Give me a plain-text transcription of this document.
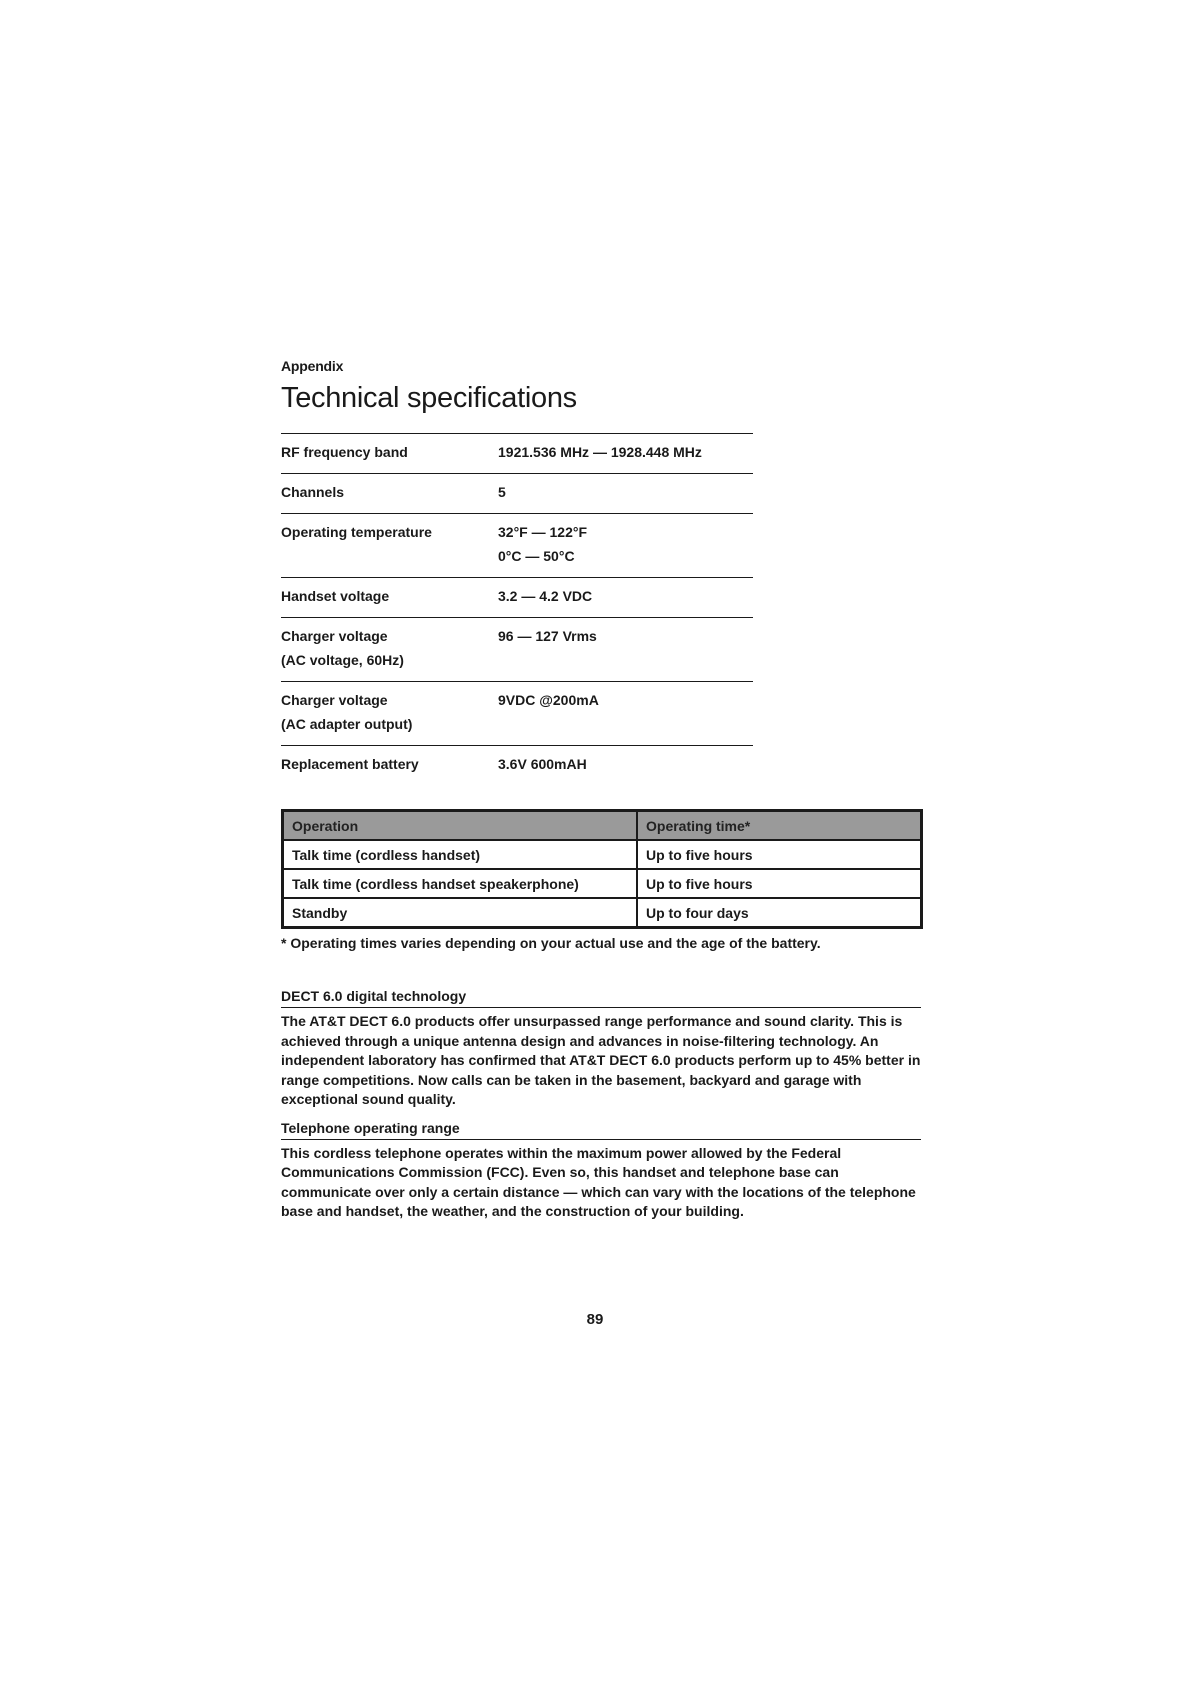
Appendix
Technical specifications
RF frequency band	1921.536 MHz — 1928.448 MHz

Channels	5

Operating temperature	32°F — 122°F
0°C — 50°C

Handset voltage	3.2 — 4.2 VDC

Charger voltage
(AC voltage, 60Hz)	96 — 127 Vrms

Charger voltage
(AC adapter output)	9VDC @200mA

Replacement battery	3.6V 600mAH
Operation	Operating time*
Talk time (cordless handset)	Up to five hours
Talk time (cordless handset speakerphone)	Up to five hours
Standby	Up to four days
* Operating times varies depending on your actual use and the age of the battery.
DECT 6.0 digital technology

The AT&T DECT 6.0 products offer unsurpassed range performance and sound clarity. This is achieved through a unique antenna design and advances in noise-filtering technology. An independent laboratory has confirmed that AT&T DECT 6.0 products perform up to 45% better in range competitions. Now calls can be taken in the basement, backyard and garage with exceptional sound quality.

Telephone operating range

This cordless telephone operates within the maximum power allowed by the Federal Communications Commission (FCC). Even so, this handset and telephone base can communicate over only a certain distance — which can vary with the locations of the telephone base and handset, the weather, and the construction of your building.

89
